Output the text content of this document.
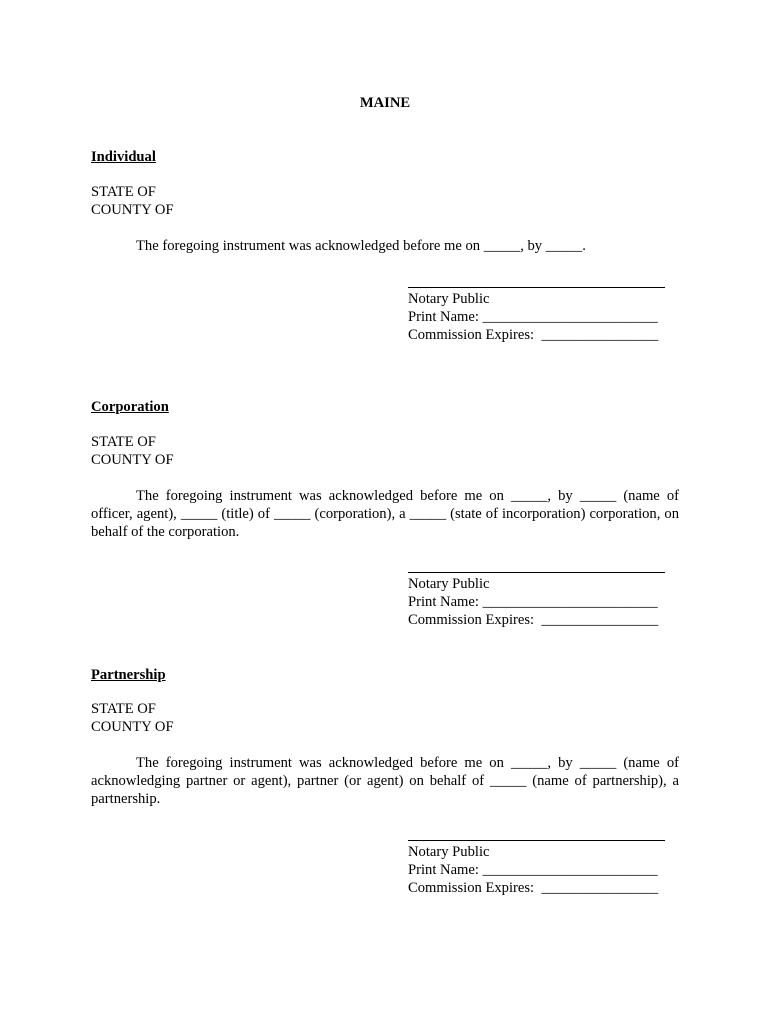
MAINE
Individual
STATE OF
COUNTY OF
The foregoing instrument was acknowledged before me on _____, by _____.
Notary Public
Print Name: ________________________
Commission Expires:  ________________
Corporation
STATE OF
COUNTY OF
The foregoing instrument was acknowledged before me on _____, by _____ (name of officer, agent), _____ (title) of _____ (corporation), a _____ (state of incorporation) corporation, on behalf of the corporation.
Notary Public
Print Name: ________________________
Commission Expires:  ________________
Partnership
STATE OF
COUNTY OF
The foregoing instrument was acknowledged before me on _____, by _____ (name of acknowledging partner or agent), partner (or agent) on behalf of _____ (name of partnership), a partnership.
Notary Public
Print Name: ________________________
Commission Expires:  ________________
